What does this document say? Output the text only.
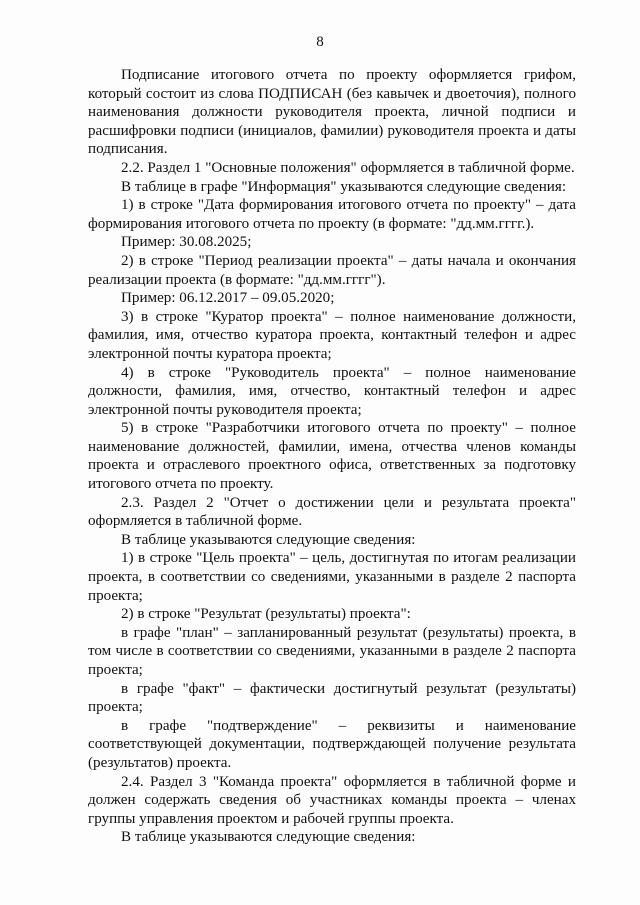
8

Подписание итогового отчета по проекту оформляется грифом, который состоит из слова ПОДПИСАН (без кавычек и двоеточия), полного наименования должности руководителя проекта, личной подписи и расшифровки подписи (инициалов, фамилии) руководителя проекта и даты подписания.

2.2. Раздел 1 "Основные положения" оформляется в табличной форме.

В таблице в графе "Информация" указываются следующие сведения:

1) в строке "Дата формирования итогового отчета по проекту" – дата формирования итогового отчета по проекту (в формате: "дд.мм.гггг.).

Пример: 30.08.2025;

2) в строке "Период реализации проекта" – даты начала и окончания реализации проекта (в формате: "дд.мм.гггг").

Пример: 06.12.2017 – 09.05.2020;

3) в строке "Куратор проекта" – полное наименование должности, фамилия, имя, отчество куратора проекта, контактный телефон и адрес электронной почты куратора проекта;

4) в строке "Руководитель проекта" – полное наименование должности, фамилия, имя, отчество, контактный телефон и адрес электронной почты руководителя проекта;

5) в строке "Разработчики итогового отчета по проекту" – полное наименование должностей, фамилии, имена, отчества членов команды проекта и отраслевого проектного офиса, ответственных за подготовку итогового отчета по проекту.

2.3. Раздел 2 "Отчет о достижении цели и результата проекта" оформляется в табличной форме.

В таблице указываются следующие сведения:

1) в строке "Цель проекта" – цель, достигнутая по итогам реализации проекта, в соответствии со сведениями, указанными в разделе 2 паспорта проекта;

2) в строке "Результат (результаты) проекта":

в графе "план" – запланированный результат (результаты) проекта, в том числе в соответствии со сведениями, указанными в разделе 2 паспорта проекта;

в графе "факт" – фактически достигнутый результат (результаты) проекта;

в графе "подтверждение" – реквизиты и наименование соответствующей документации, подтверждающей получение результата (результатов) проекта.

2.4. Раздел 3 "Команда проекта" оформляется в табличной форме и должен содержать сведения об участниках команды проекта – членах группы управления проектом и рабочей группы проекта.

В таблице указываются следующие сведения:
